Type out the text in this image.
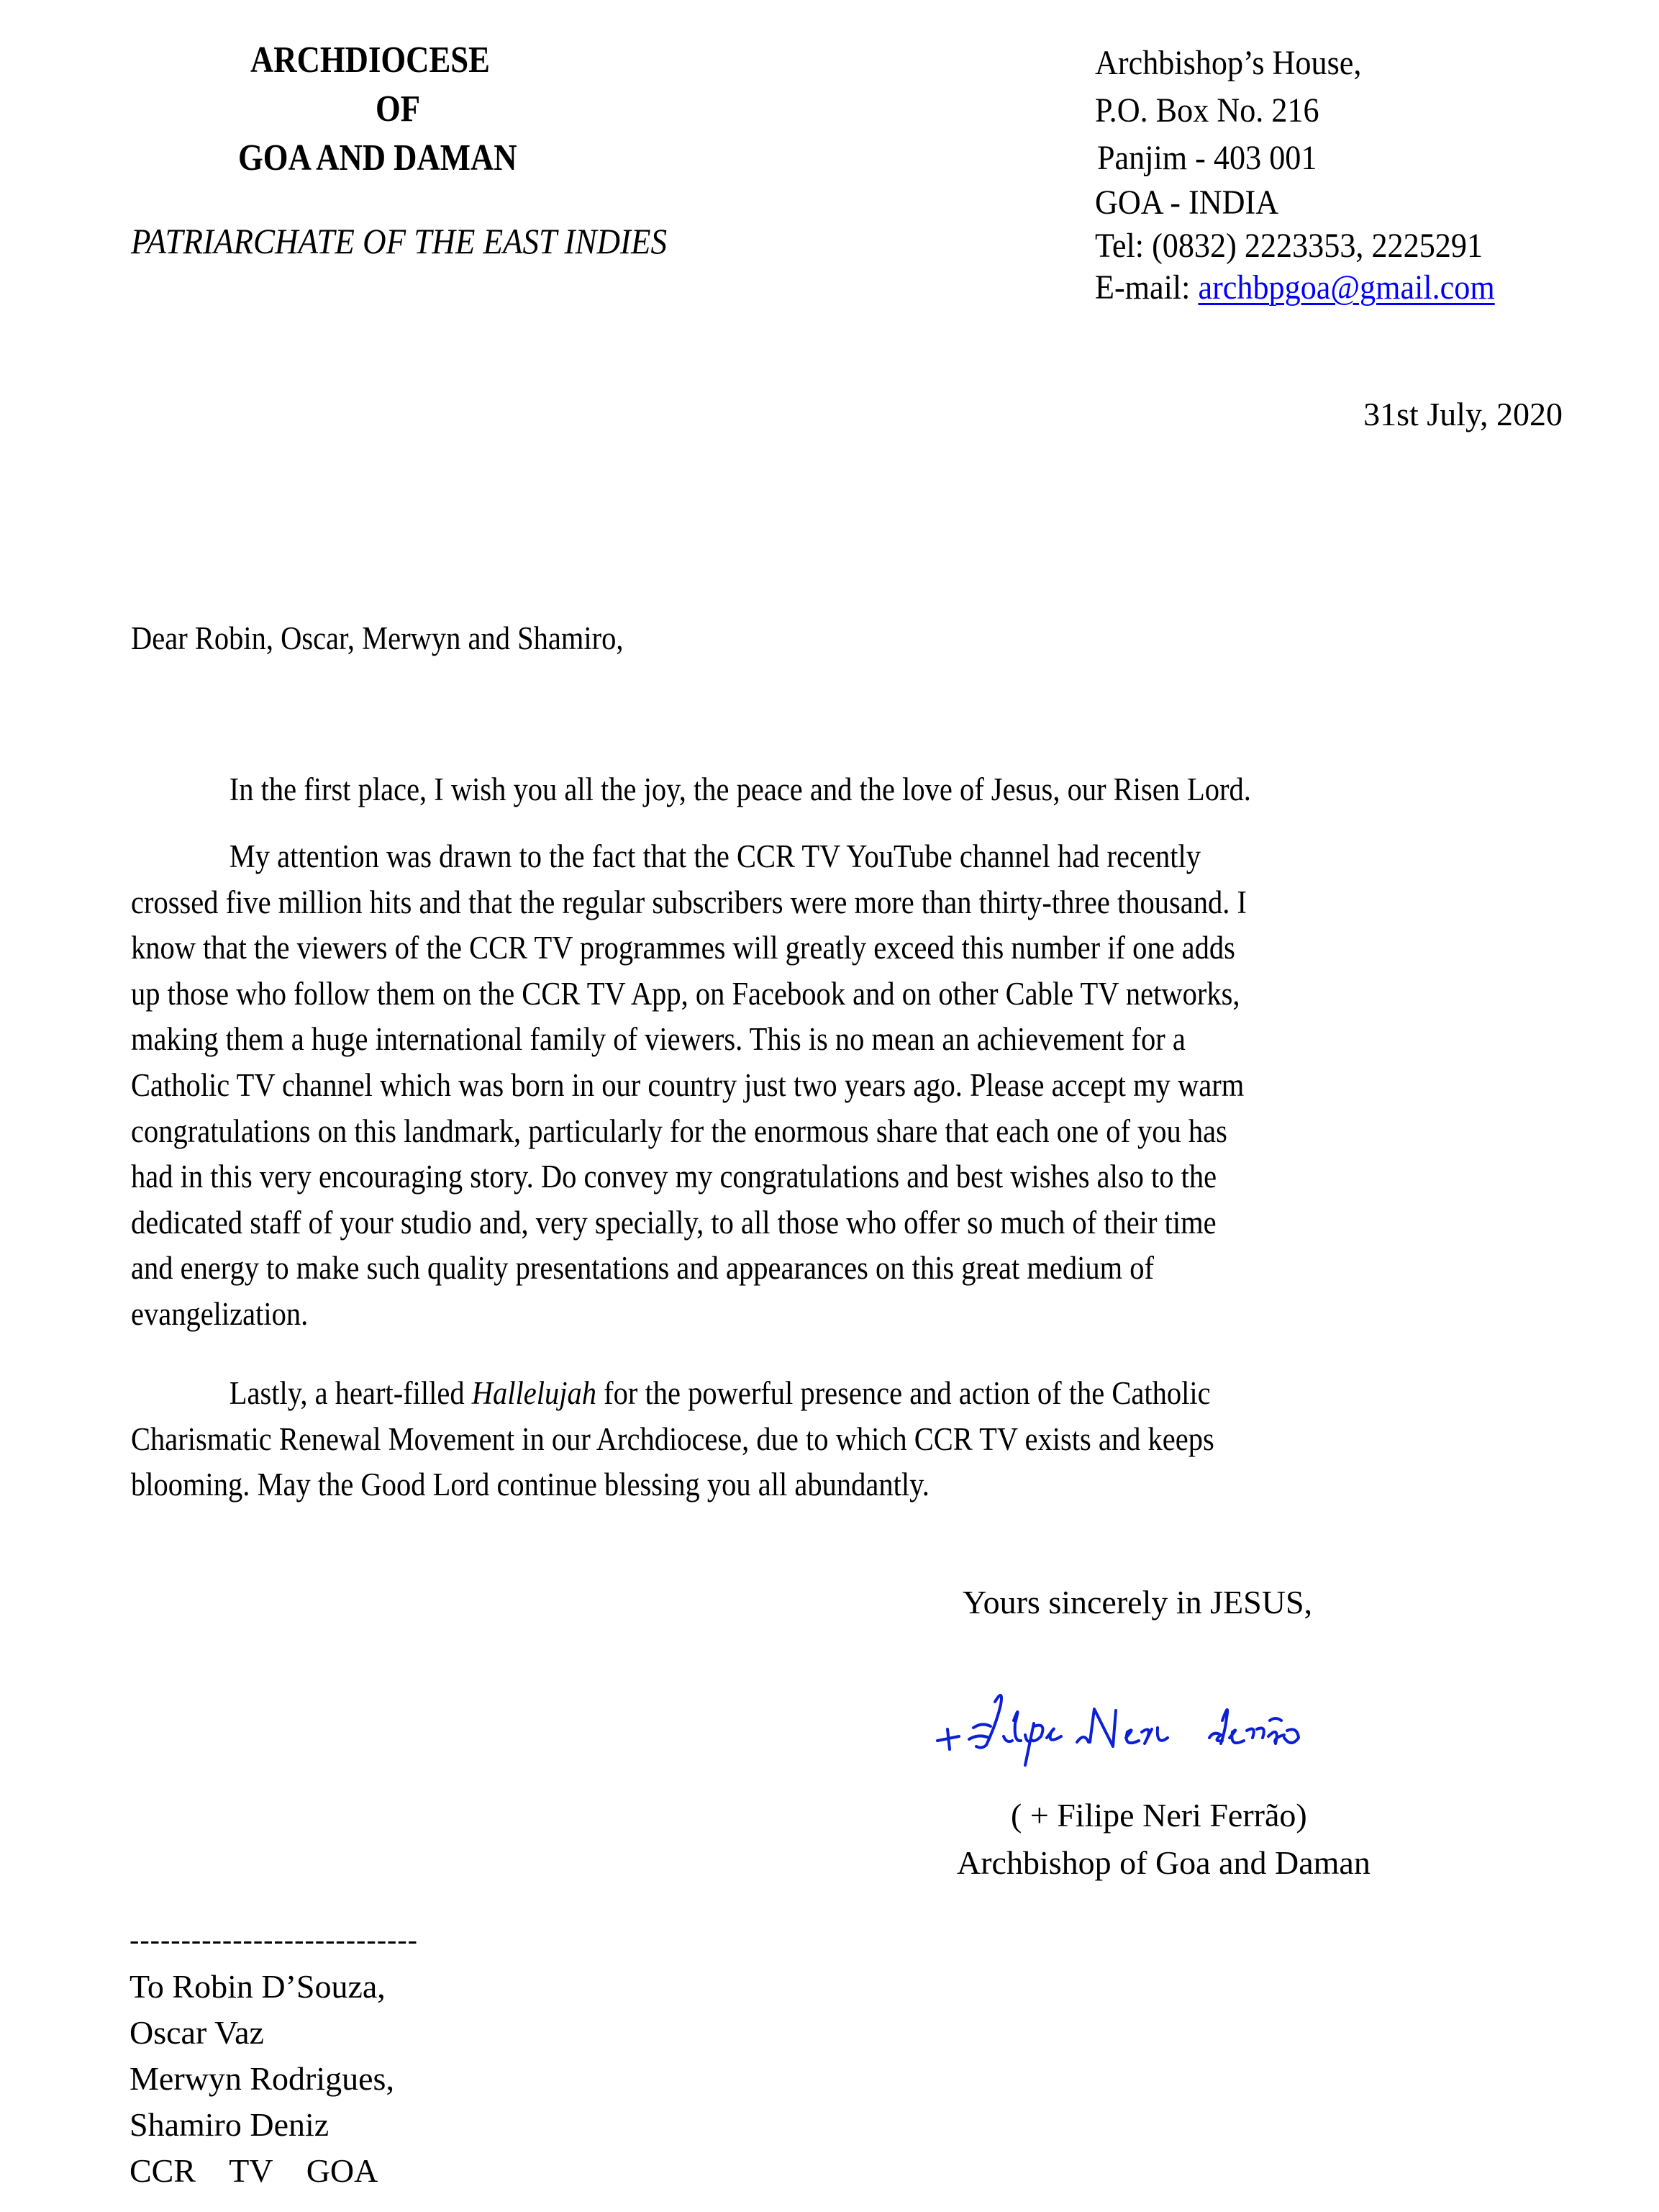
ARCHDIOCESE
OF
GOA AND DAMAN
PATRIARCHATE OF THE EAST INDIES
Archbishop’s House,
P.O. Box No. 216
Panjim - 403 001
GOA - INDIA
Tel: (0832) 2223353, 2225291
E-mail: archbpgoa@gmail.com
31st July, 2020
Dear Robin, Oscar, Merwyn and Shamiro,
In the first place, I wish you all the joy, the peace and the love of Jesus, our Risen Lord.
My attention was drawn to the fact that the CCR TV YouTube channel had recently
crossed five million hits and that the regular subscribers were more than thirty-three thousand. I
know that the viewers of the CCR TV programmes will greatly exceed this number if one adds
up those who follow them on the CCR TV App, on Facebook and on other Cable TV networks,
making them a huge international family of viewers. This is no mean an achievement for a
Catholic TV channel which was born in our country just two years ago. Please accept my warm
congratulations on this landmark, particularly for the enormous share that each one of you has
had in this very encouraging story. Do convey my congratulations and best wishes also to the
dedicated staff of your studio and, very specially, to all those who offer so much of their time
and energy to make such quality presentations and appearances on this great medium of
evangelization.
Lastly, a heart-filled Hallelujah for the powerful presence and action of the Catholic
Charismatic Renewal Movement in our Archdiocese, due to which CCR TV exists and keeps
blooming. May the Good Lord continue blessing you all abundantly.
Yours sincerely in JESUS,
( + Filipe Neri Ferrão)
Archbishop of Goa and Daman
----------------------------
To Robin D’Souza,
Oscar Vaz
Merwyn Rodrigues,
Shamiro Deniz
CCR  TV  GOA
